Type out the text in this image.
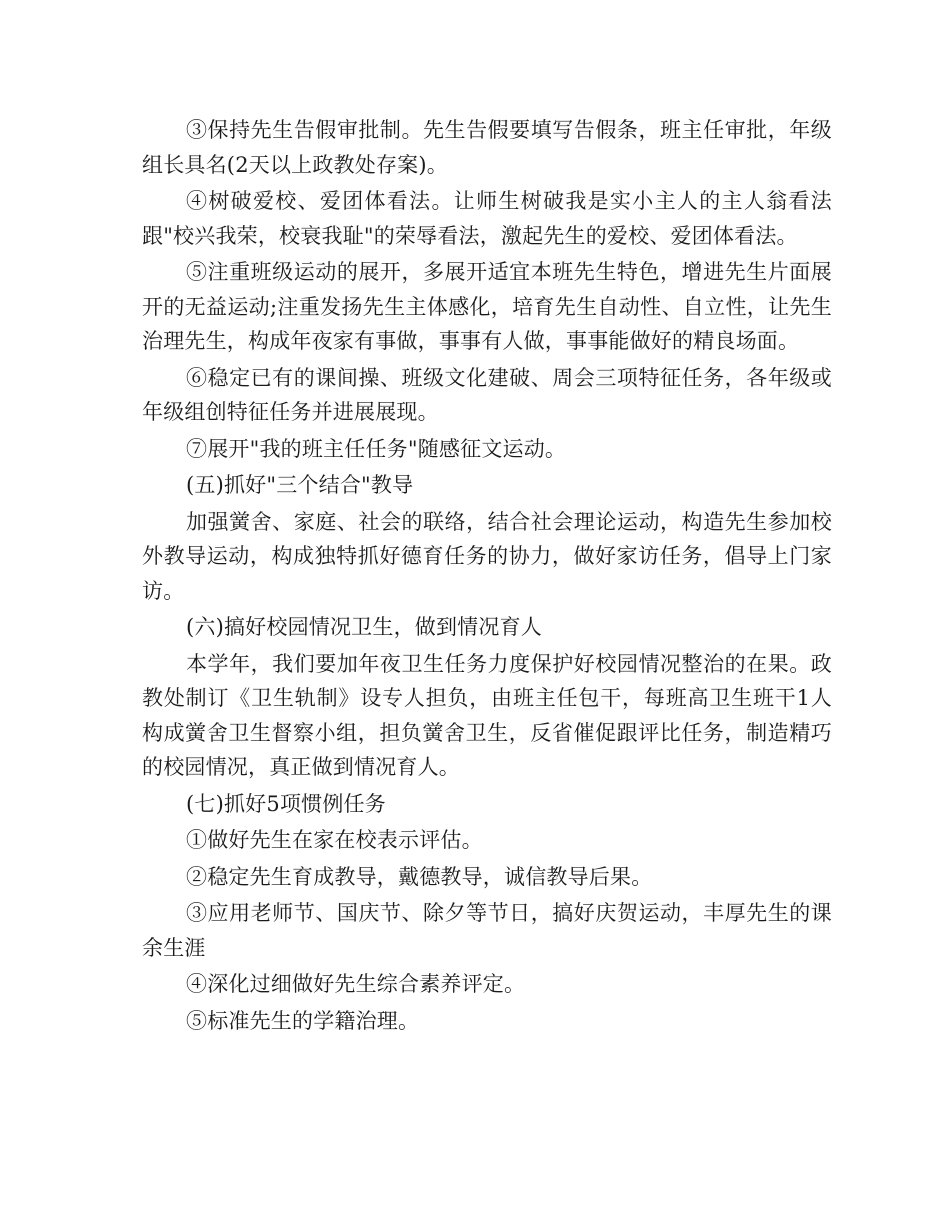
③保持先生告假审批制。先生告假要填写告假条，班主任审批，年级组长具名(2天以上政教处存案)。

④树破爱校、爱团体看法。让师生树破我是实小主人的主人翁看法跟"校兴我荣，校衰我耻"的荣辱看法，激起先生的爱校、爱团体看法。

⑤注重班级运动的展开，多展开适宜本班先生特色，增进先生片面展开的无益运动;注重发扬先生主体感化，培育先生自动性、自立性，让先生治理先生，构成年夜家有事做，事事有人做，事事能做好的精良场面。

⑥稳定已有的课间操、班级文化建破、周会三项特征任务，各年级或年级组创特征任务并进展展现。

⑦展开"我的班主任任务"随感征文运动。

(五)抓好"三个结合"教导

加强黉舍、家庭、社会的联络，结合社会理论运动，构造先生参加校外教导运动，构成独特抓好德育任务的协力，做好家访任务，倡导上门家访。

(六)搞好校园情况卫生，做到情况育人

本学年，我们要加年夜卫生任务力度保护好校园情况整治的在果。政教处制订《卫生轨制》设专人担负，由班主任包干，每班高卫生班干1人构成黉舍卫生督察小组，担负黉舍卫生，反省催促跟评比任务，制造精巧的校园情况，真正做到情况育人。

(七)抓好5项惯例任务

①做好先生在家在校表示评估。

②稳定先生育成教导，戴德教导，诚信教导后果。

③应用老师节、国庆节、除夕等节日，搞好庆贺运动，丰厚先生的课余生涯

④深化过细做好先生综合素养评定。

⑤标准先生的学籍治理。
